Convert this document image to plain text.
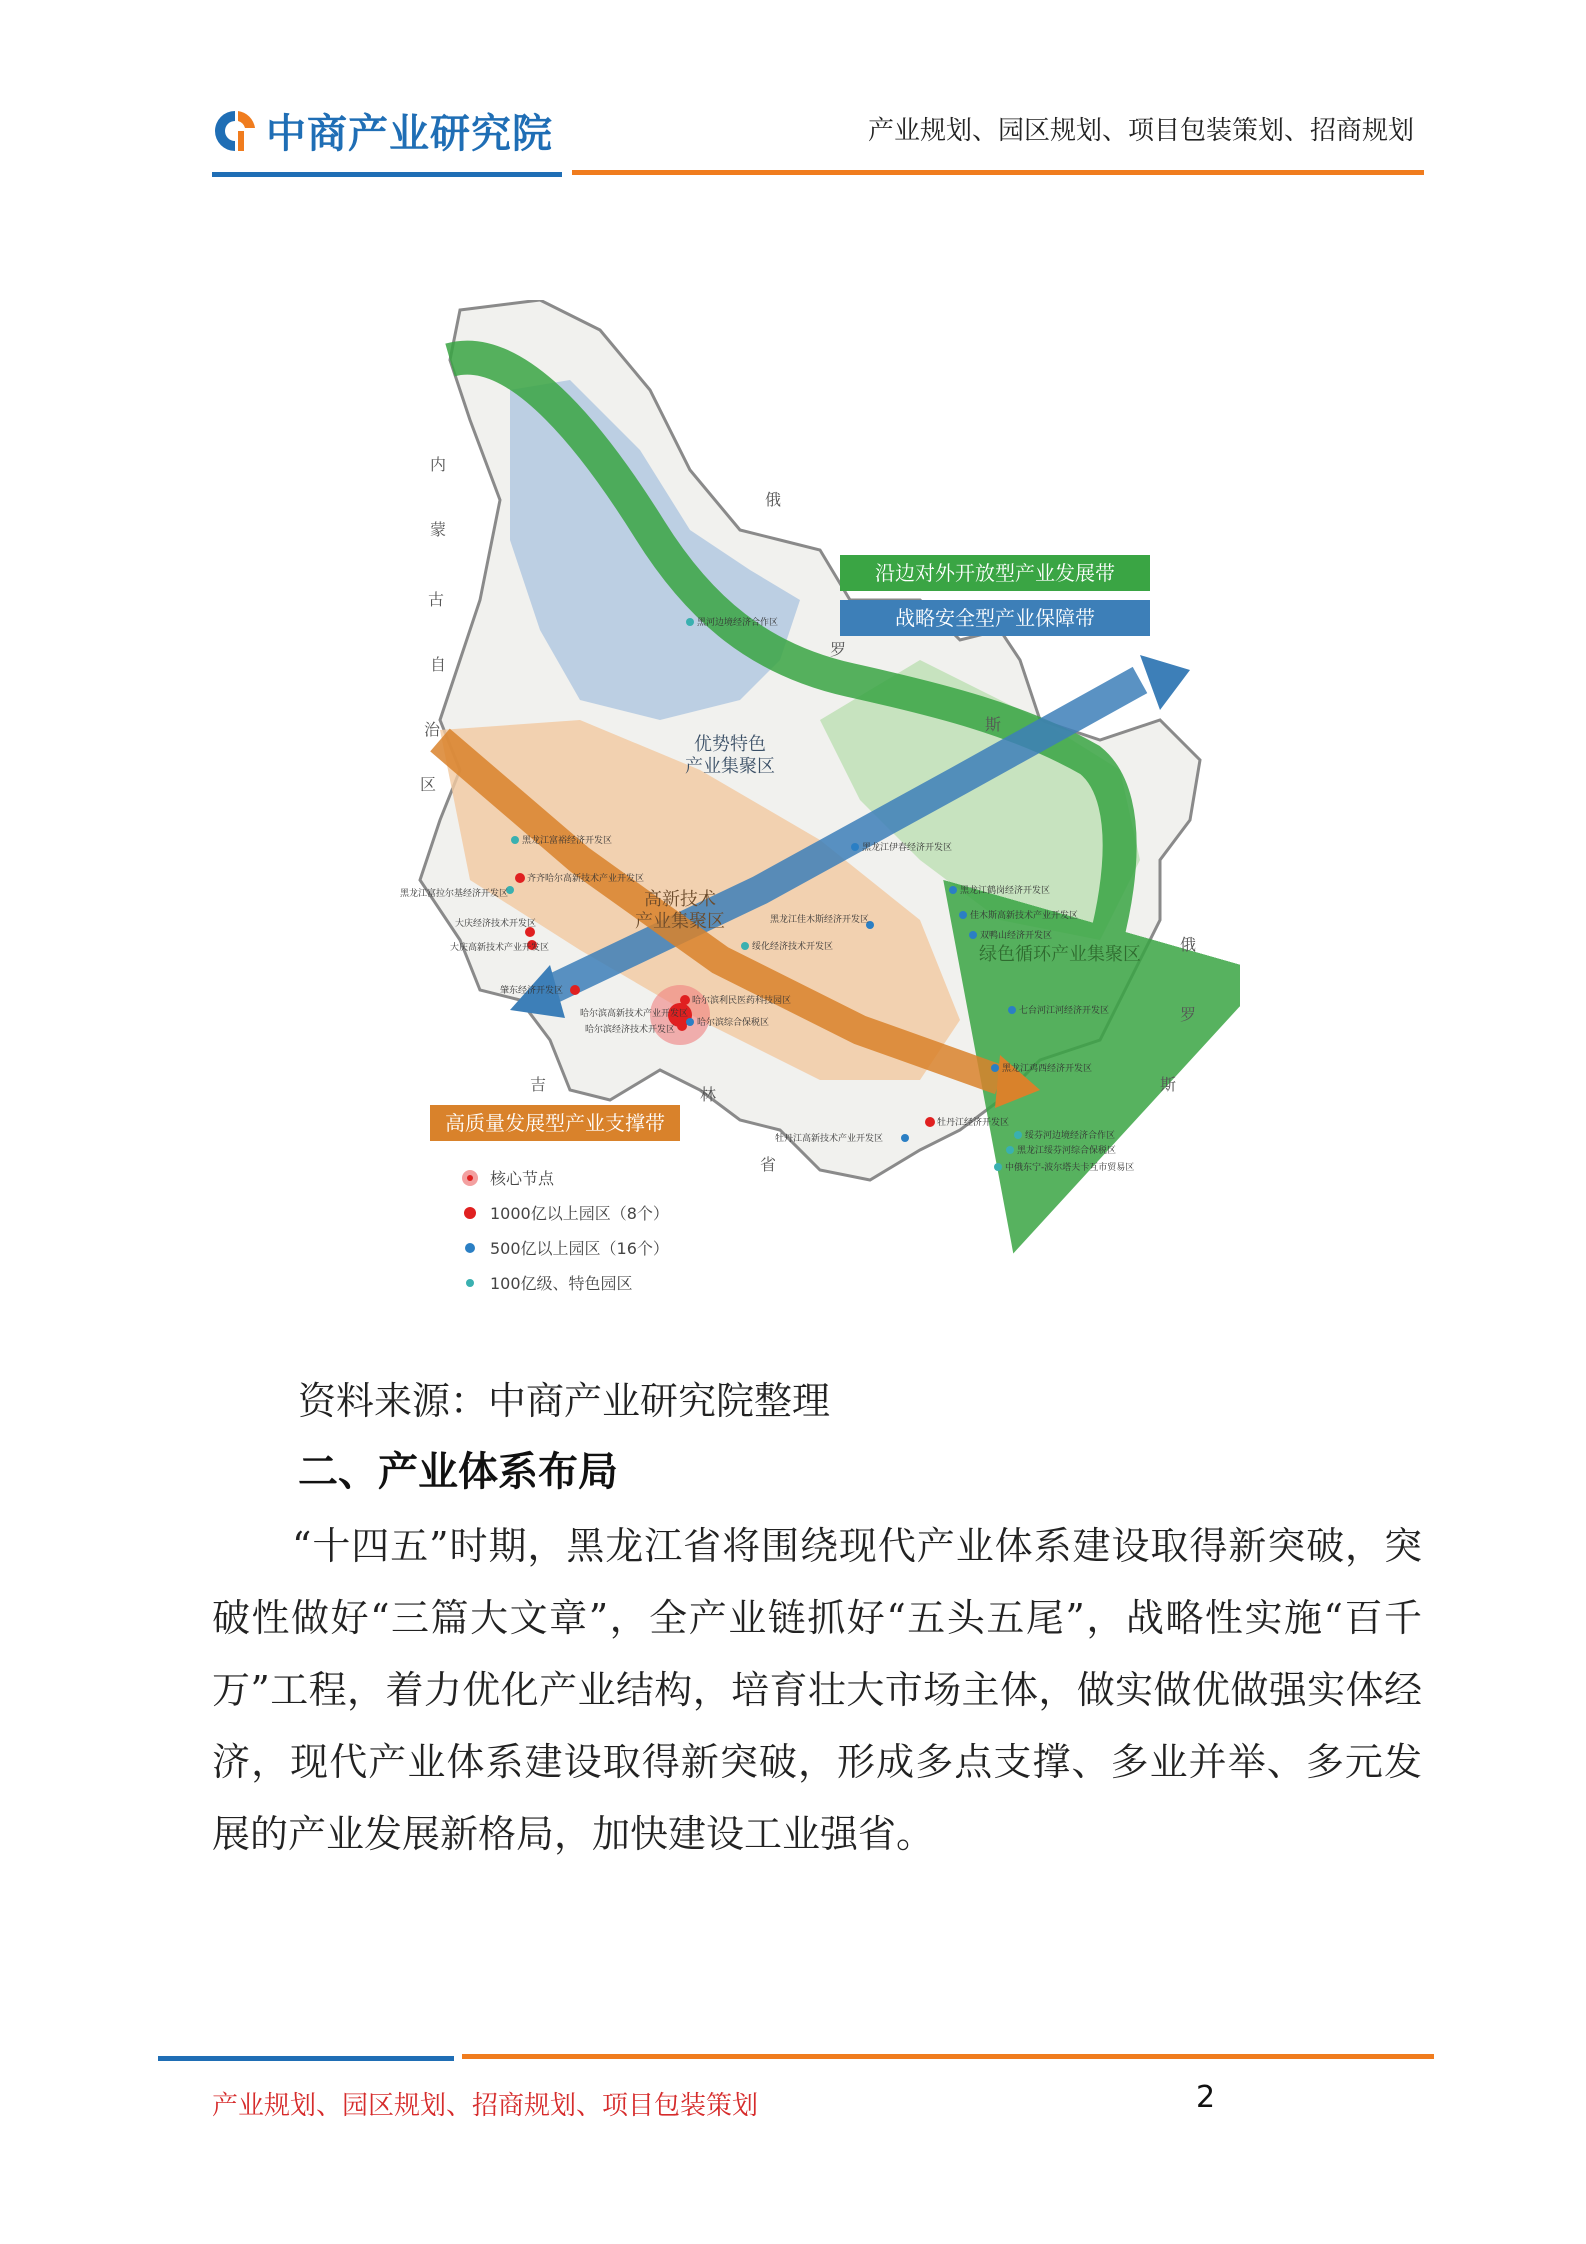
中商产业研究院	产业规划、园区规划、项目包装策划、招商规划
沿边对外开放型产业发展带
战略安全型产业保障带
高质量发展型产业支撑带
优势特色
产业集聚区
高新技术
产业集聚区
绿色循环产业集聚区
内
蒙
古
自
治
区
俄
罗
斯
俄
罗
斯
吉
林
省
黑河边境经济合作区
黑龙江伊春经济开发区
黑龙江富裕经济开发区
齐齐哈尔高新技术产业开发区
黑龙江富拉尔基经济开发区	黑龙江鹤岗经济开发区
佳木斯高新技术产业开发区
双鸭山经济开发区
大庆经济技术开发区
大庆高新技术产业开发区
黑龙江佳木斯经济开发区
绥化经济技术开发区
肇东经济开发区
哈尔滨利民医药科技园区
哈尔滨高新技术产业开发区
哈尔滨经济技术开发区
哈尔滨综合保税区
七台河江河经济开发区
黑龙江鸡西经济开发区
牡丹江经济开发区
牡丹江高新技术产业开发区	绥芬河边境经济合作区
黑龙江绥芬河综合保税区
中俄东宁-波尔塔夫卡互市贸易区
核心节点
1000亿以上园区（8个）
500亿以上园区（16个）
100亿级、特色园区
资料来源：中商产业研究院整理
二、产业体系布局
“十四五”时期，黑龙江省将围绕现代产业体系建设取得新突破，突破性做好“三篇大文章”，全产业链抓好“五头五尾”，战略性实施“百千万”工程，着力优化产业结构，培育壮大市场主体，做实做优做强实体经济，现代产业体系建设取得新突破，形成多点支撑、多业并举、多元发展的产业发展新格局，加快建设工业强省。
产业规划、园区规划、招商规划、项目包装策划	2
